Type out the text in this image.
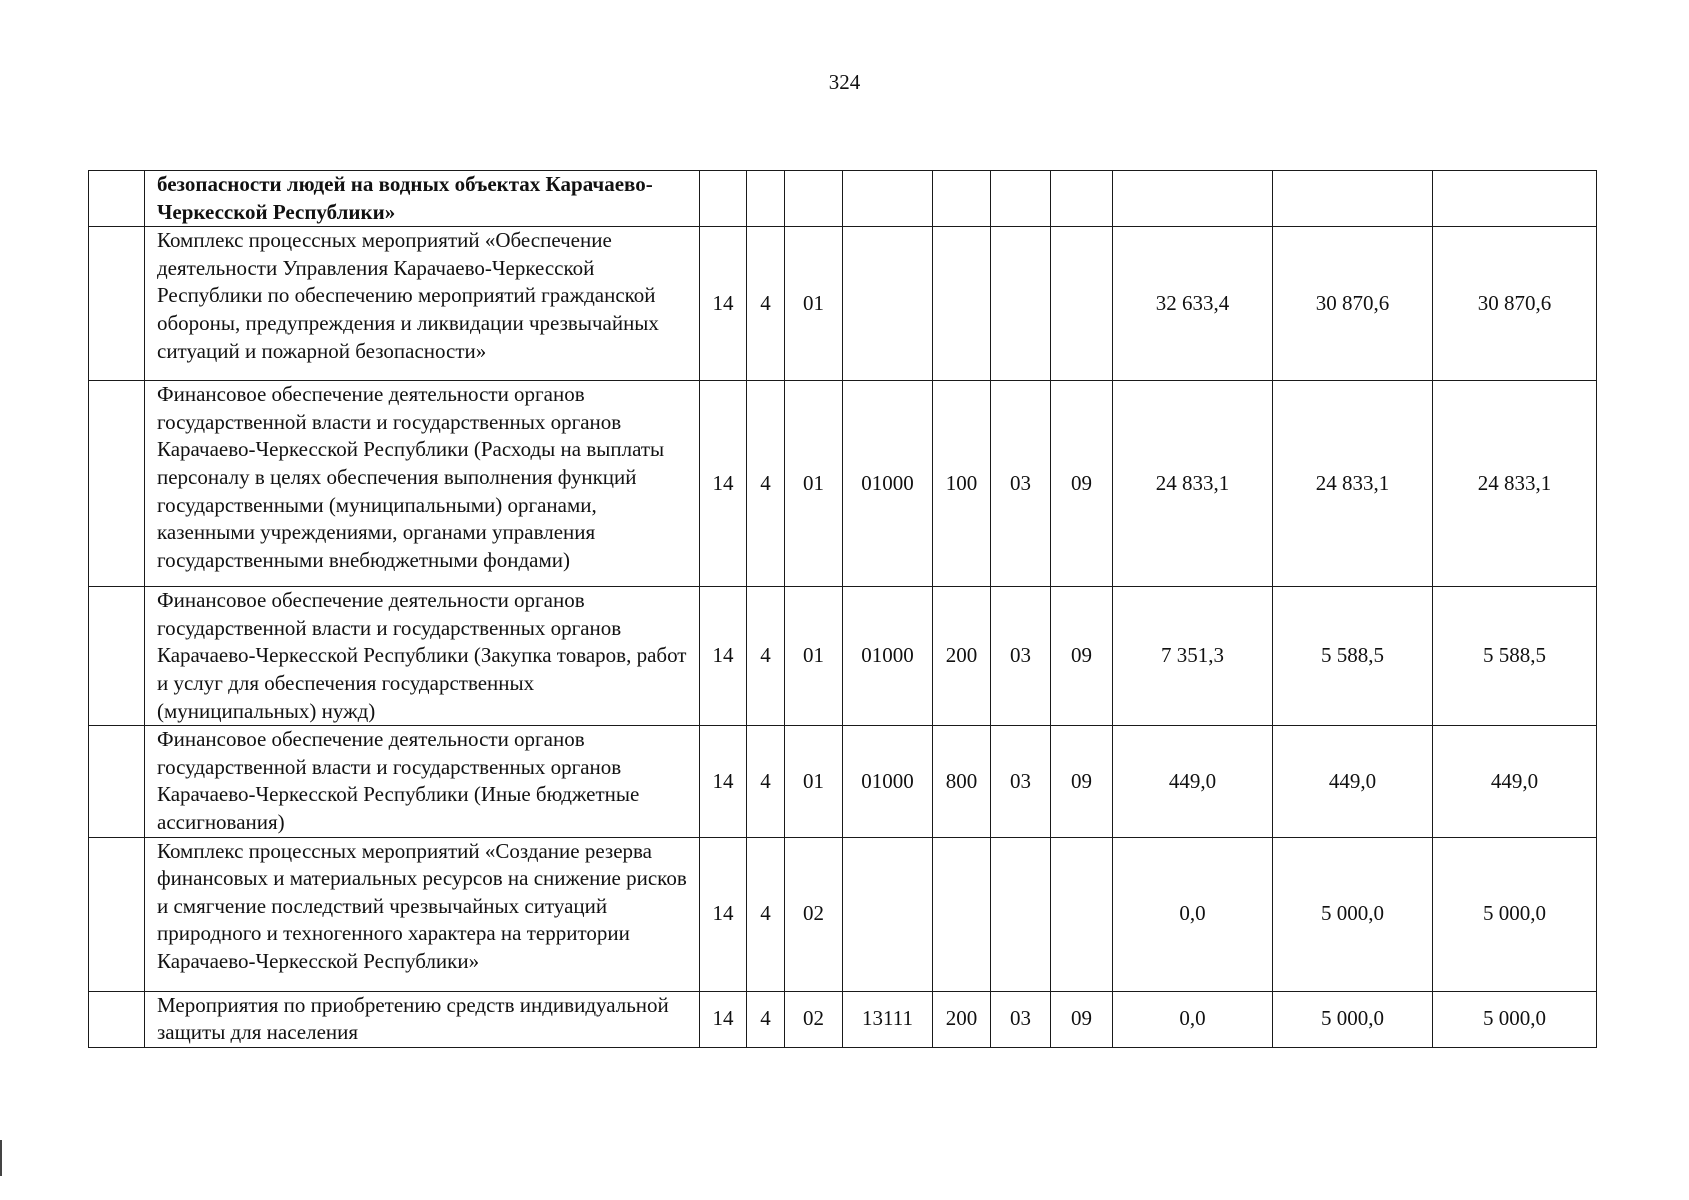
324
	безопасности людей на водных объектах Карачаево-Черкесской Республики»										
	Комплекс процессных мероприятий «Обеспечение деятельности Управления Карачаево-Черкесской Республики по обеспечению мероприятий гражданской обороны, предупреждения и ликвидации чрезвычайных ситуаций и пожарной безопасности»	14	4	01					32 633,4	30 870,6	30 870,6
	Финансовое обеспечение деятельности органов государственной власти и государственных органов Карачаево-Черкесской Республики (Расходы на выплаты персоналу в целях обеспечения выполнения функций государственными (муниципальными) органами, казенными учреждениями, органами управления государственными внебюджетными фондами)	14	4	01	01000	100	03	09	24 833,1	24 833,1	24 833,1
	Финансовое обеспечение деятельности органов государственной власти и государственных органов Карачаево-Черкесской Республики (Закупка товаров, работ и услуг для обеспечения государственных (муниципальных) нужд)	14	4	01	01000	200	03	09	7 351,3	5 588,5	5 588,5
	Финансовое обеспечение деятельности органов государственной власти и государственных органов Карачаево-Черкесской Республики (Иные бюджетные ассигнования)	14	4	01	01000	800	03	09	449,0	449,0	449,0
	Комплекс процессных мероприятий «Создание резерва финансовых и материальных ресурсов на снижение рисков и смягчение последствий чрезвычайных ситуаций природного и техногенного характера на территории Карачаево-Черкесской Республики»	14	4	02					0,0	5 000,0	5 000,0
	Мероприятия по приобретению средств индивидуальной защиты для населения	14	4	02	13111	200	03	09	0,0	5 000,0	5 000,0
